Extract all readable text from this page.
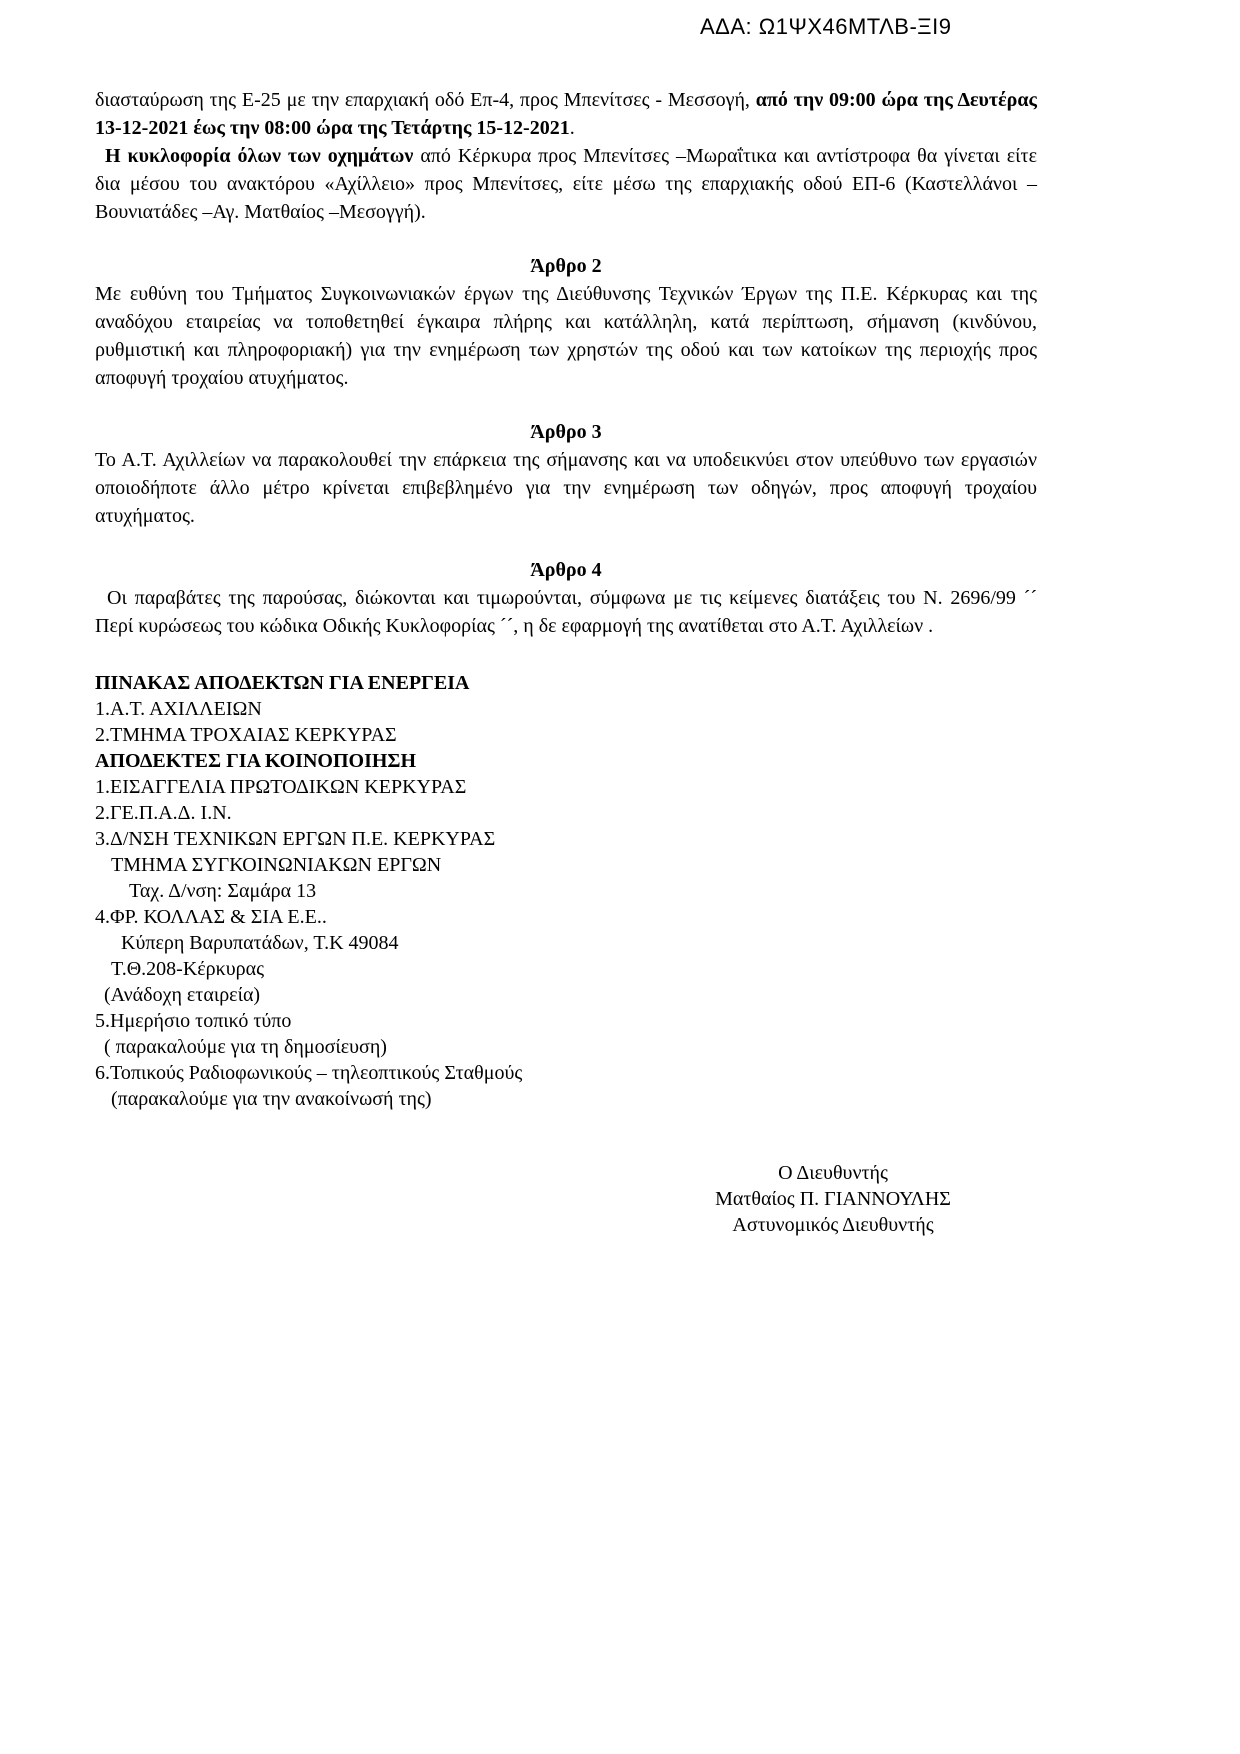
ΑΔΑ: Ω1ΨΧ46ΜΤΛΒ-ΞΙ9

διασταύρωση της Ε-25 με την επαρχιακή οδό Επ-4, προς Μπενίτσες - Μεσσογή, από την 09:00 ώρα της Δευτέρας 13-12-2021 έως την 08:00 ώρα της Τετάρτης 15-12-2021.

Η κυκλοφορία όλων των οχημάτων από Κέρκυρα προς Μπενίτσες –Μωραΐτικα και αντίστροφα θα γίνεται είτε δια μέσου του ανακτόρου «Αχίλλειο» προς Μπενίτσες, είτε μέσω της επαρχιακής οδού ΕΠ-6 (Καστελλάνοι –Βουνιατάδες –Αγ. Ματθαίος –Μεσογγή).

Άρθρο 2

Με ευθύνη του Τμήματος Συγκοινωνιακών έργων της Διεύθυνσης Τεχνικών Έργων της Π.Ε. Κέρκυρας και της αναδόχου εταιρείας να τοποθετηθεί έγκαιρα πλήρης και κατάλληλη, κατά περίπτωση, σήμανση (κινδύνου, ρυθμιστική και πληροφοριακή) για την ενημέρωση των χρηστών της οδού και των κατοίκων της περιοχής προς αποφυγή τροχαίου ατυχήματος.

Άρθρο 3

Το Α.Τ. Αχιλλείων να παρακολουθεί την επάρκεια της σήμανσης και να υποδεικνύει στον υπεύθυνο των εργασιών οποιοδήποτε άλλο μέτρο κρίνεται επιβεβλημένο για την ενημέρωση των οδηγών, προς αποφυγή τροχαίου ατυχήματος.

Άρθρο 4

Οι παραβάτες της παρούσας, διώκονται και τιμωρούνται, σύμφωνα με τις κείμενες διατάξεις του Ν. 2696/99 ´´ Περί κυρώσεως του κώδικα Οδικής Κυκλοφορίας ´´, η δε εφαρμογή της ανατίθεται στο Α.Τ. Αχιλλείων .

ΠΙΝΑΚΑΣ ΑΠΟΔΕΚΤΩΝ ΓΙΑ ΕΝΕΡΓΕΙΑ

1.Α.Τ. ΑΧΙΛΛΕΙΩΝ

2.ΤΜΗΜΑ ΤΡΟΧΑΙΑΣ ΚΕΡΚΥΡΑΣ

ΑΠΟΔΕΚΤΕΣ ΓΙΑ ΚΟΙΝΟΠΟΙΗΣΗ

1.ΕΙΣΑΓΓΕΛΙΑ ΠΡΩΤΟΔΙΚΩΝ ΚΕΡΚΥΡΑΣ

2.ΓΕ.Π.Α.Δ. Ι.Ν.

3.Δ/ΝΣΗ ΤΕΧΝΙΚΩΝ ΕΡΓΩΝ Π.Ε. ΚΕΡΚΥΡΑΣ

ΤΜΗΜΑ ΣΥΓΚΟΙΝΩΝΙΑΚΩΝ ΕΡΓΩΝ

Ταχ. Δ/νση: Σαμάρα 13

4.ΦΡ. ΚΟΛΛΑΣ & ΣΙΑ Ε.Ε..

Κύπερη Βαρυπατάδων, Τ.Κ 49084

Τ.Θ.208-Κέρκυρας

(Ανάδοχη εταιρεία)

5.Ημερήσιο τοπικό τύπο

( παρακαλούμε για τη δημοσίευση)

6.Τοπικούς Ραδιοφωνικούς – τηλεοπτικούς Σταθμούς

(παρακαλούμε για την ανακοίνωσή της)

Ο Διευθυντής

Ματθαίος Π. ΓΙΑΝΝΟΥΛΗΣ

Αστυνομικός Διευθυντής
